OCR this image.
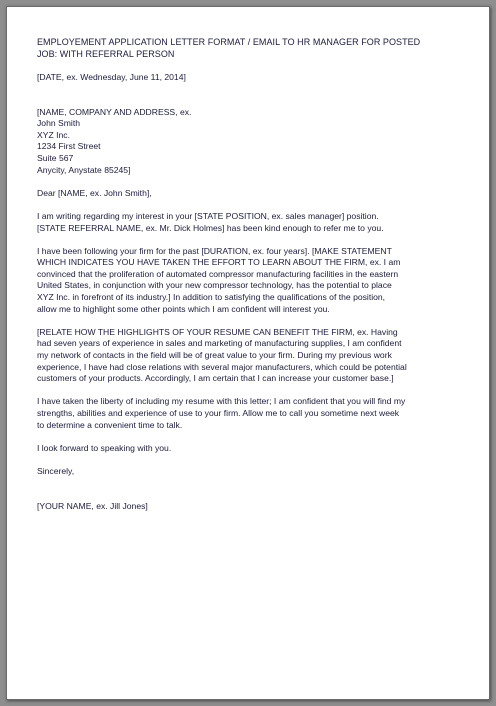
EMPLOYEMENT APPLICATION LETTER FORMAT / EMAIL TO HR MANAGER FOR POSTED
JOB: WITH REFERRAL PERSON
[DATE, ex. Wednesday, June 11, 2014]
[NAME, COMPANY AND ADDRESS, ex.
John Smith
XYZ Inc.
1234 First Street
Suite 567
Anycity, Anystate 85245]
Dear [NAME, ex. John Smith],
I am writing regarding my interest in your [STATE POSITION, ex. sales manager] position.
[STATE REFERRAL NAME, ex. Mr. Dick Holmes] has been kind enough to refer me to you.
I have been following your firm for the past [DURATION, ex. four years]. [MAKE STATEMENT
WHICH INDICATES YOU HAVE TAKEN THE EFFORT TO LEARN ABOUT THE FIRM, ex. I am
convinced that the proliferation of automated compressor manufacturing facilities in the eastern
United States, in conjunction with your new compressor technology, has the potential to place
XYZ Inc. in forefront of its industry.] In addition to satisfying the qualifications of the position,
allow me to highlight some other points which I am confident will interest you.
[RELATE HOW THE HIGHLIGHTS OF YOUR RESUME CAN BENEFIT THE FIRM, ex. Having
had seven years of experience in sales and marketing of manufacturing supplies, I am confident
my network of contacts in the field will be of great value to your firm. During my previous work
experience, I have had close relations with several major manufacturers, which could be potential
customers of your products. Accordingly, I am certain that I can increase your customer base.]
I have taken the liberty of including my resume with this letter; I am confident that you will find my
strengths, abilities and experience of use to your firm. Allow me to call you sometime next week
to determine a convenient time to talk.
I look forward to speaking with you.
Sincerely,
[YOUR NAME, ex. Jill Jones]
